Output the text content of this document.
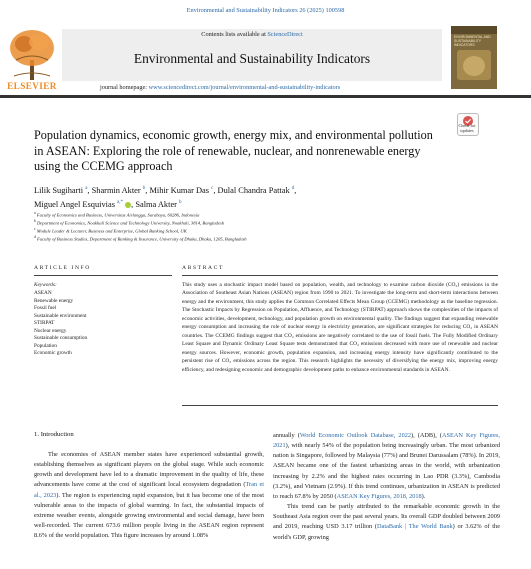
Environmental and Sustainability Indicators 26 (2025) 100598
ELSEVIER
Contents lists available at ScienceDirect
Environmental and Sustainability Indicators
journal homepage: www.sciencedirect.com/journal/environmental-and-sustainability-indicators
ENVIRONMENTAL AND SUSTAINABILITY INDICATORS
Check for updates
Population dynamics, economic growth, energy mix, and environmental pollution in ASEAN: Exploring the role of renewable, nuclear, and nonrenewable energy using the CCEMG approach
Lilik Sugiharti $^a$, Sharmin Akter $^b$, Mihir Kumar Das $^c$, Dulal Chandra Pattak $^d$,
Miguel Angel Esquivias $^{a,*}$ , Salma Akter $^b$
$^a$ Faculty of Economics and Business, Universitas Airlangga, Surabaya, 60286, Indonesia
$^b$ Department of Economics, Noakhali Science and Technology University, Noakhali, 3814, Bangladesh
$^c$ Module Leader & Lecturer, Business and Enterprise, Global Banking School, UK
$^d$ Faculty of Business Studies, Department of Banking & Insurance, University of Dhaka, Dhaka, 1205, Bangladesh
ARTICLE INFO
Keywords:
ASEAN
Renewable energy
Fossil fuel
Sustainable environment
STIRPAT
Nuclear energy
Sustainable consumption
Population
Economic growth
ABSTRACT
This study uses a stochastic impact model based on population, wealth, and technology to examine carbon dioxide (CO₂) emissions in the Association of Southeast Asian Nations (ASEAN) region from 1990 to 2021. To investigate the long-term and short-term interactions between energy and the environment, this study applies the Common Correlated Effects Mean Group (CCEMG) methodology as the baseline regression. The Stochastic Impacts by Regression on Population, Affluence, and Technology (STIRPAT) approach shows the complexities of the impacts of economic activities, development, technology, and population growth on environmental quality. The findings suggest that expanding renewable energy consumption and increasing the role of nuclear energy in electricity generation, are significant strategies for reducing CO₂ in ASEAN countries. The CCEMG findings suggest that CO₂ emissions are negatively correlated to the use of fossil fuels. The Fully Modified Ordinary Least Square and Dynamic Ordinary Least Square tests demonstrated that CO₂ emissions decreased with more use of renewable and nuclear energy sources. However, economic growth, population expansion, and increasing energy intensity have significantly contributed to the persistent rise of CO₂ emissions across the region. This research highlights the necessity of diversifying the energy mix, improving energy efficiency, and redesigning economic and demographic development paths to enhance environmental standards in ASEAN.
1. Introduction
The economies of ASEAN member states have experienced substantial growth, establishing themselves as significant players on the global stage. While such economic growth and development have led to a dramatic improvement in the quality of life, these advancements have come at the cost of significant local ecosystem degradation (Tran et al., 2023). The region is experiencing rapid expansion, but it has become one of the most vulnerable areas to the impacts of global warming. In fact, the substantial impacts of extreme weather events, alongside growing environmental and social damage, have been well-recorded. The current 673.6 million people living in the ASEAN region represent 8.6% of the world population. This figure increases by around 1.08%
annually (World Economic Outlook Database, 2022), (ADB), (ASEAN Key Figures, 2021), with nearly 54% of the population being increasingly urban. The most urbanized nation is Singapore, followed by Malaysia (77%) and Brunei Darussalam (78%). In 2019, ASEAN became one of the fastest urbanizing areas in the world, with urbanization increasing by 2.2% and the highest rates occurring in Lao PDR (3.3%), Cambodia (3.2%), and Vietnam (2.9%). If this trend continues, urbanization in ASEAN is predicted to reach 67.8% by 2050 (ASEAN Key Figures, 2018, 2018).
This trend can be partly attributed to the remarkable economic growth in the Southeast Asia region over the past several years. Its overall GDP doubled between 2009 and 2019, reaching USD 3.17 trillion (DataBank | The World Bank) or 3.62% of the world's GDP, growing
